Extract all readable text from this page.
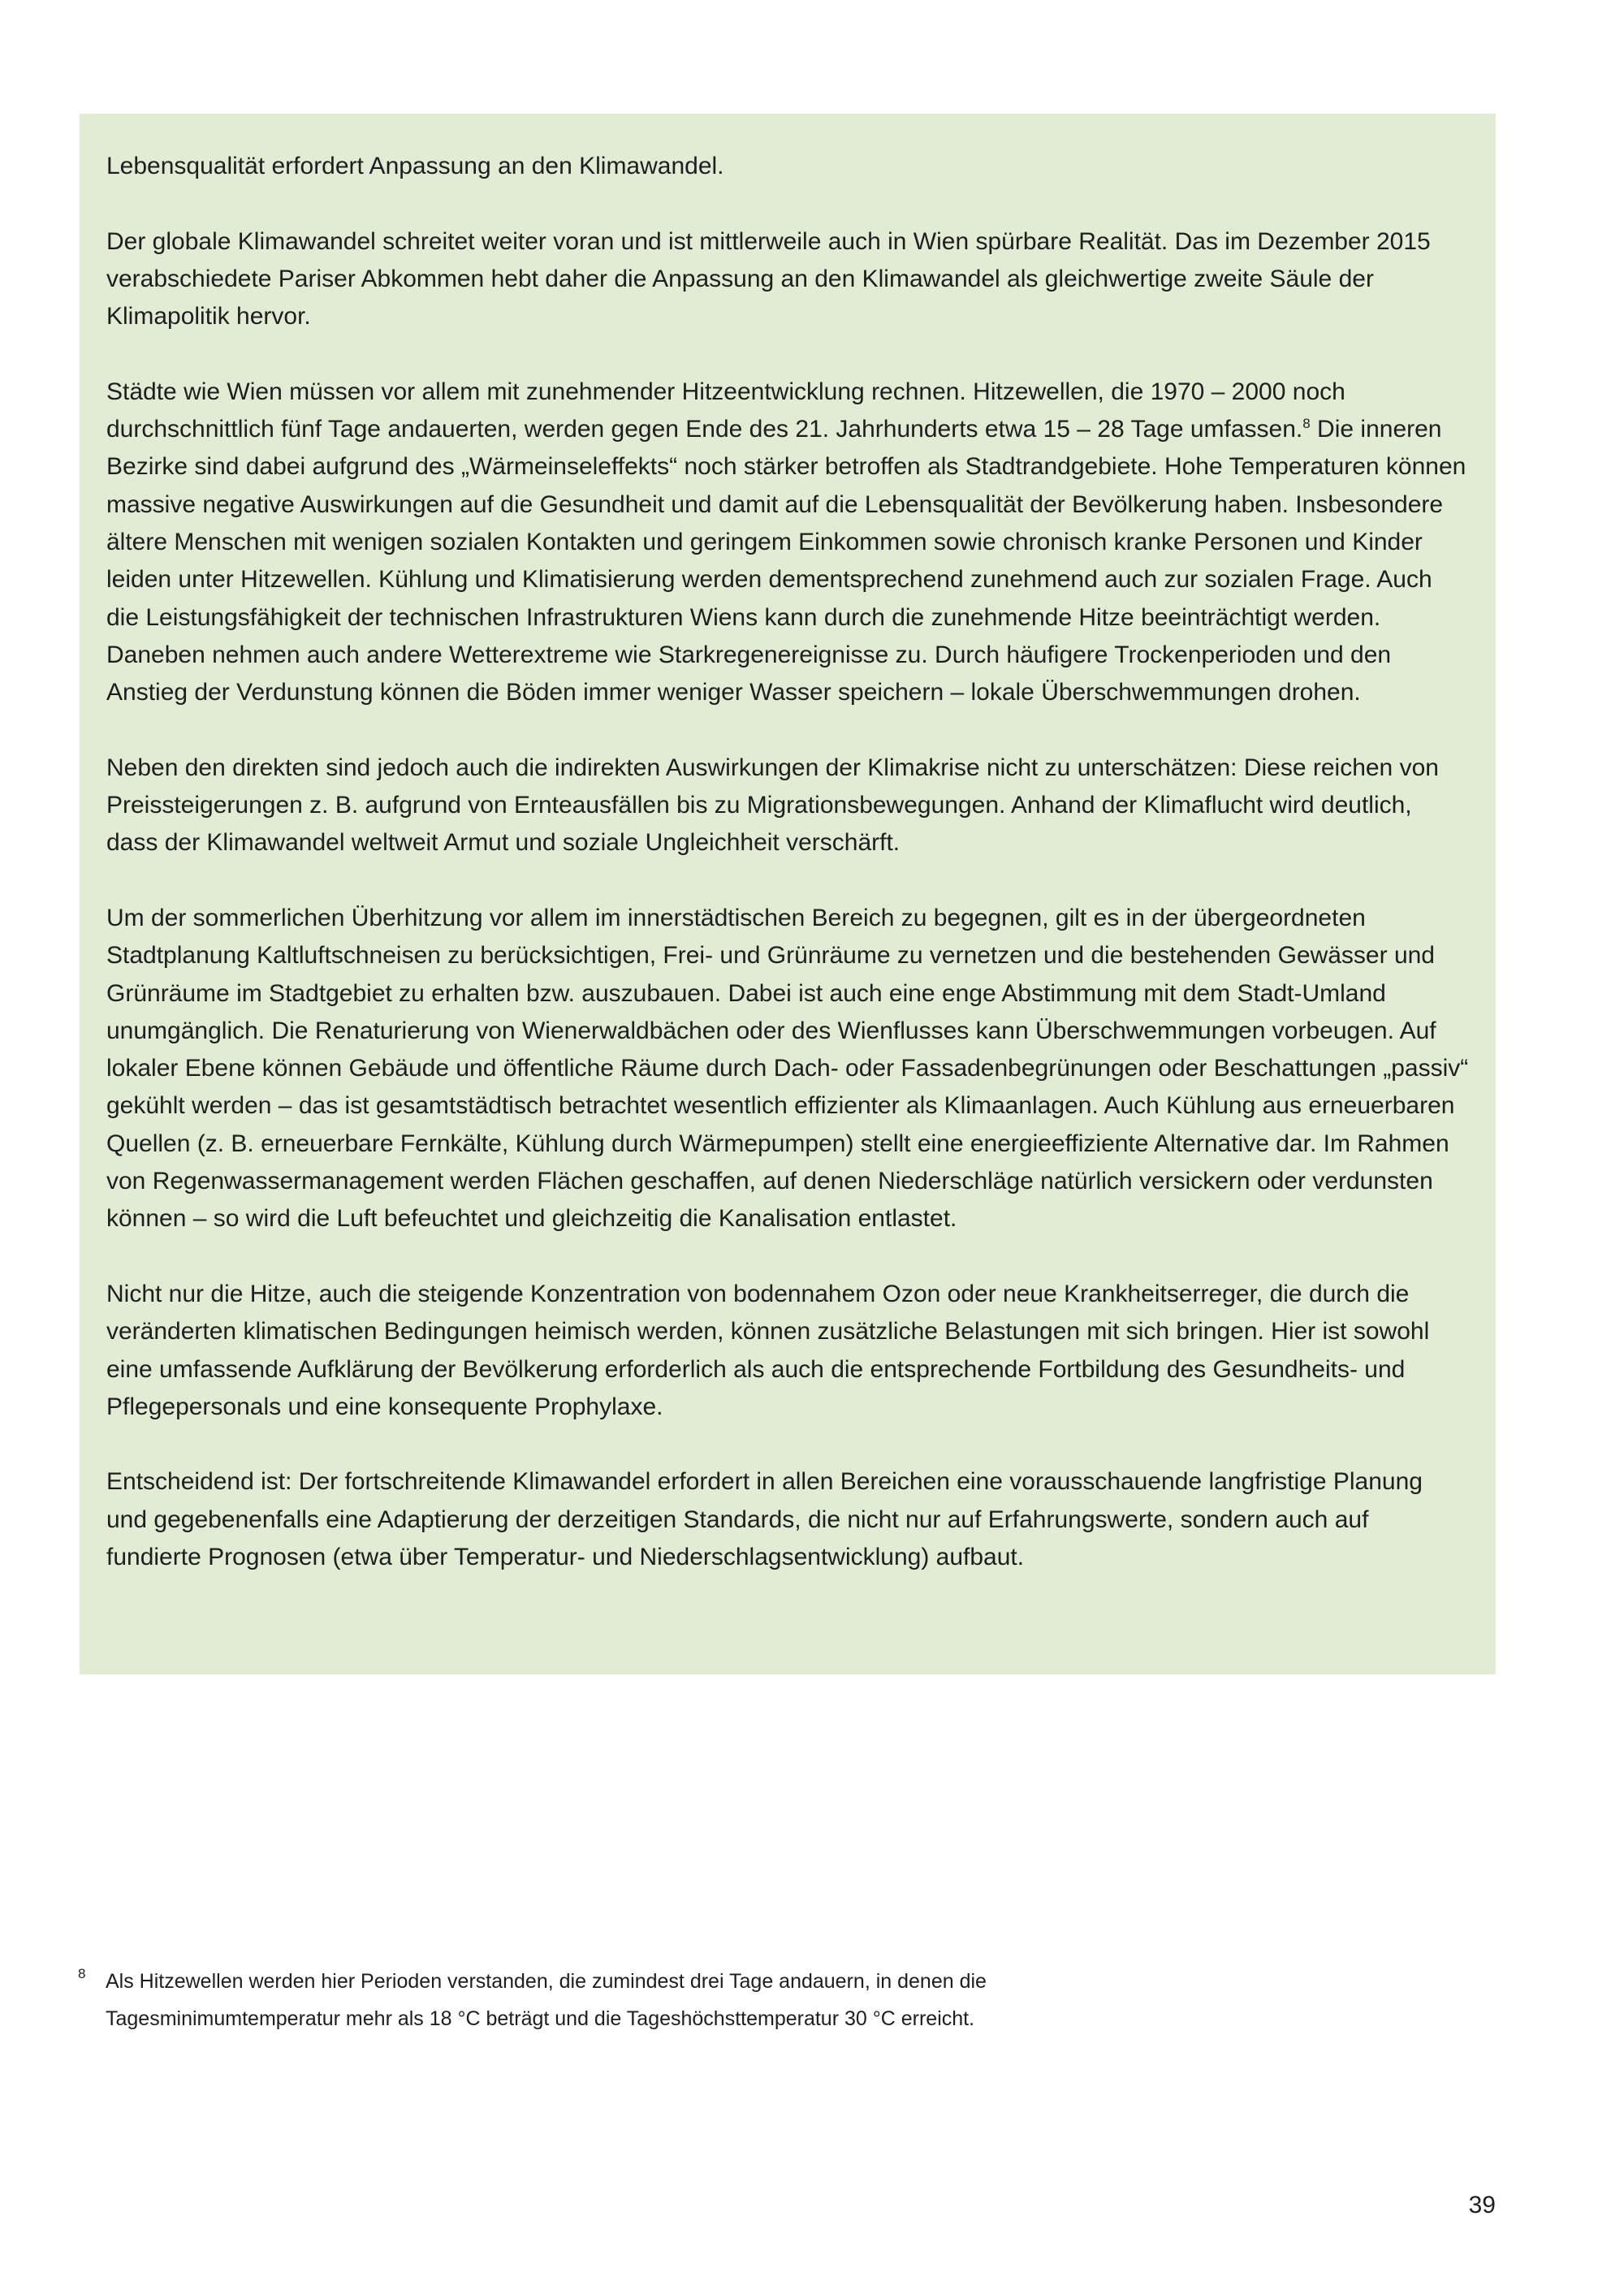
Lebensqualität erfordert Anpassung an den Klimawandel.

Der globale Klimawandel schreitet weiter voran und ist mittlerweile auch in Wien spürbare Realität. Das im Dezember 2015 verabschiedete Pariser Abkommen hebt daher die Anpassung an den Klimawandel als gleichwertige zweite Säule der Klimapolitik hervor.

Städte wie Wien müssen vor allem mit zunehmender Hitzeentwicklung rechnen. Hitzewellen, die 1970 – 2000 noch durchschnittlich fünf Tage andauerten, werden gegen Ende des 21. Jahrhunderts etwa 15 – 28 Tage umfassen.$^8$ Die inneren Bezirke sind dabei aufgrund des „Wärmeinseleffekts“ noch stärker betroffen als Stadtrandgebiete. Hohe Temperaturen können massive negative Auswirkungen auf die Gesundheit und damit auf die Lebensqualität der Bevölkerung haben. Insbesondere ältere Menschen mit wenigen sozialen Kontakten und geringem Einkommen sowie chronisch kranke Personen und Kinder leiden unter Hitzewellen. Kühlung und Klimatisierung werden dementsprechend zunehmend auch zur sozialen Frage. Auch die Leistungsfähigkeit der technischen Infrastrukturen Wiens kann durch die zunehmende Hitze beeinträchtigt werden. Daneben nehmen auch andere Wetterextreme wie Starkregenereignisse zu. Durch häufigere Trockenperioden und den Anstieg der Verdunstung können die Böden immer weniger Wasser speichern – lokale Überschwemmungen drohen.

Neben den direkten sind jedoch auch die indirekten Auswirkungen der Klimakrise nicht zu unterschätzen: Diese reichen von Preissteigerungen z. B. aufgrund von Ernteausfällen bis zu Migrationsbewegungen. Anhand der Klimaflucht wird deutlich, dass der Klimawandel weltweit Armut und soziale Ungleichheit verschärft.

Um der sommerlichen Überhitzung vor allem im innerstädtischen Bereich zu begegnen, gilt es in der übergeordneten Stadtplanung Kaltluftschneisen zu berücksichtigen, Frei- und Grünräume zu vernetzen und die bestehenden Gewässer und Grünräume im Stadtgebiet zu erhalten bzw. auszubauen. Dabei ist auch eine enge Abstimmung mit dem Stadt-Umland unumgänglich. Die Renaturierung von Wienerwaldbächen oder des Wienflusses kann Überschwemmungen vorbeugen. Auf lokaler Ebene können Gebäude und öffentliche Räume durch Dach- oder Fassadenbegrünungen oder Beschattungen „passiv“ gekühlt werden – das ist gesamtstädtisch betrachtet wesentlich effizienter als Klimaanlagen. Auch Kühlung aus erneuerbaren Quellen (z. B. erneuerbare Fernkälte, Kühlung durch Wärmepumpen) stellt eine energieeffiziente Alternative dar. Im Rahmen von Regenwassermanagement werden Flächen geschaffen, auf denen Niederschläge natürlich versickern oder verdunsten können – so wird die Luft befeuchtet und gleichzeitig die Kanalisation entlastet.

Nicht nur die Hitze, auch die steigende Konzentration von bodennahem Ozon oder neue Krankheitserreger, die durch die veränderten klimatischen Bedingungen heimisch werden, können zusätzliche Belastungen mit sich bringen. Hier ist sowohl eine umfassende Aufklärung der Bevölkerung erforderlich als auch die entsprechende Fortbildung des Gesundheits- und Pflegepersonals und eine konsequente Prophylaxe.

Entscheidend ist: Der fortschreitende Klimawandel erfordert in allen Bereichen eine vorausschauende langfristige Planung und gegebenenfalls eine Adaptierung der derzeitigen Standards, die nicht nur auf Erfahrungswerte, sondern auch auf fundierte Prognosen (etwa über Temperatur- und Niederschlagsentwicklung) aufbaut.

8 Als Hitzewellen werden hier Perioden verstanden, die zumindest drei Tage andauern, in denen die Tagesminimumtemperatur mehr als 18 °C beträgt und die Tageshöchsttemperatur 30 °C erreicht.
39
